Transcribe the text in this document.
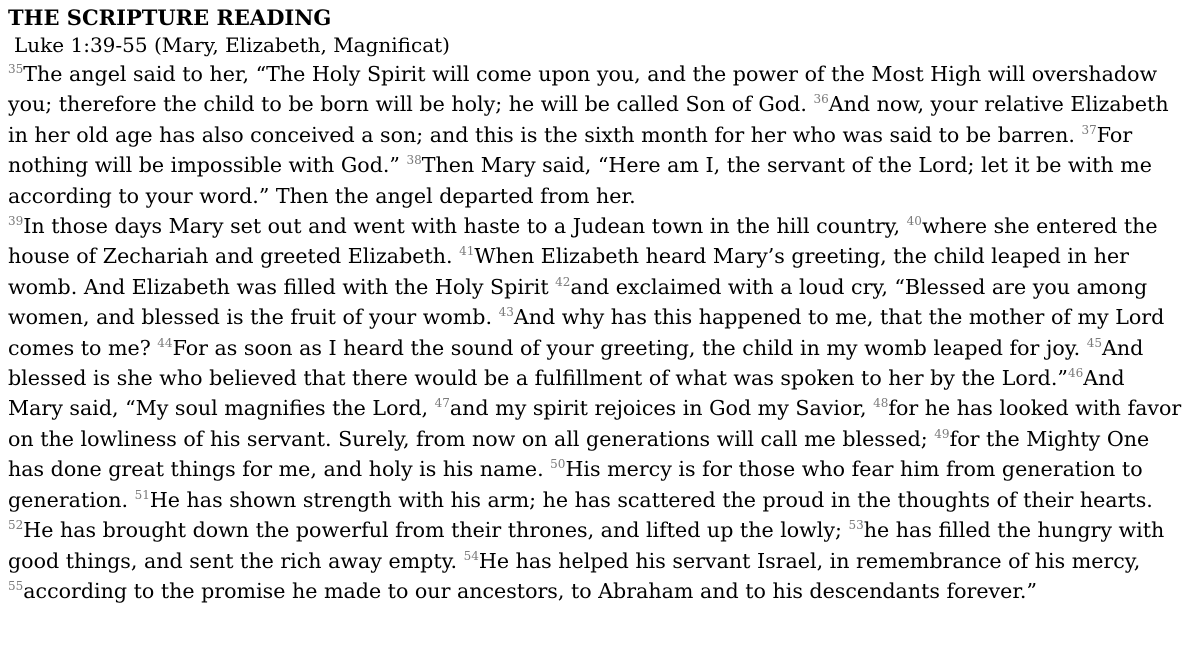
THE SCRIPTURE READING
Luke 1:39-55 (Mary, Elizabeth, Magnificat)
$^{35}$The angel said to her, “The Holy Spirit will come upon you, and the power of the Most High will overshadow you; therefore the child to be born will be holy; he will be called Son of God. $^{36}$And now, your relative Elizabeth in her old age has also conceived a son; and this is the sixth month for her who was said to be barren. $^{37}$For nothing will be impossible with God.” $^{38}$Then Mary said, “Here am I, the servant of the Lord; let it be with me according to your word.” Then the angel departed from her.
$^{39}$In those days Mary set out and went with haste to a Judean town in the hill country, $^{40}$where she entered the house of Zechariah and greeted Elizabeth. $^{41}$When Elizabeth heard Mary’s greeting, the child leaped in her womb. And Elizabeth was filled with the Holy Spirit $^{42}$and exclaimed with a loud cry, “Blessed are you among women, and blessed is the fruit of your womb. $^{43}$And why has this happened to me, that the mother of my Lord comes to me? $^{44}$For as soon as I heard the sound of your greeting, the child in my womb leaped for joy. $^{45}$And blessed is she who believed that there would be a fulfillment of what was spoken to her by the Lord.”$^{46}$And Mary said, “My soul magnifies the Lord, $^{47}$and my spirit rejoices in God my Savior, $^{48}$for he has looked with favor on the lowliness of his servant. Surely, from now on all generations will call me blessed; $^{49}$for the Mighty One has done great things for me, and holy is his name. $^{50}$His mercy is for those who fear him from generation to generation. $^{51}$He has shown strength with his arm; he has scattered the proud in the thoughts of their hearts. $^{52}$He has brought down the powerful from their thrones, and lifted up the lowly; $^{53}$he has filled the hungry with good things, and sent the rich away empty. $^{54}$He has helped his servant Israel, in remembrance of his mercy, $^{55}$according to the promise he made to our ancestors, to Abraham and to his descendants forever.”
